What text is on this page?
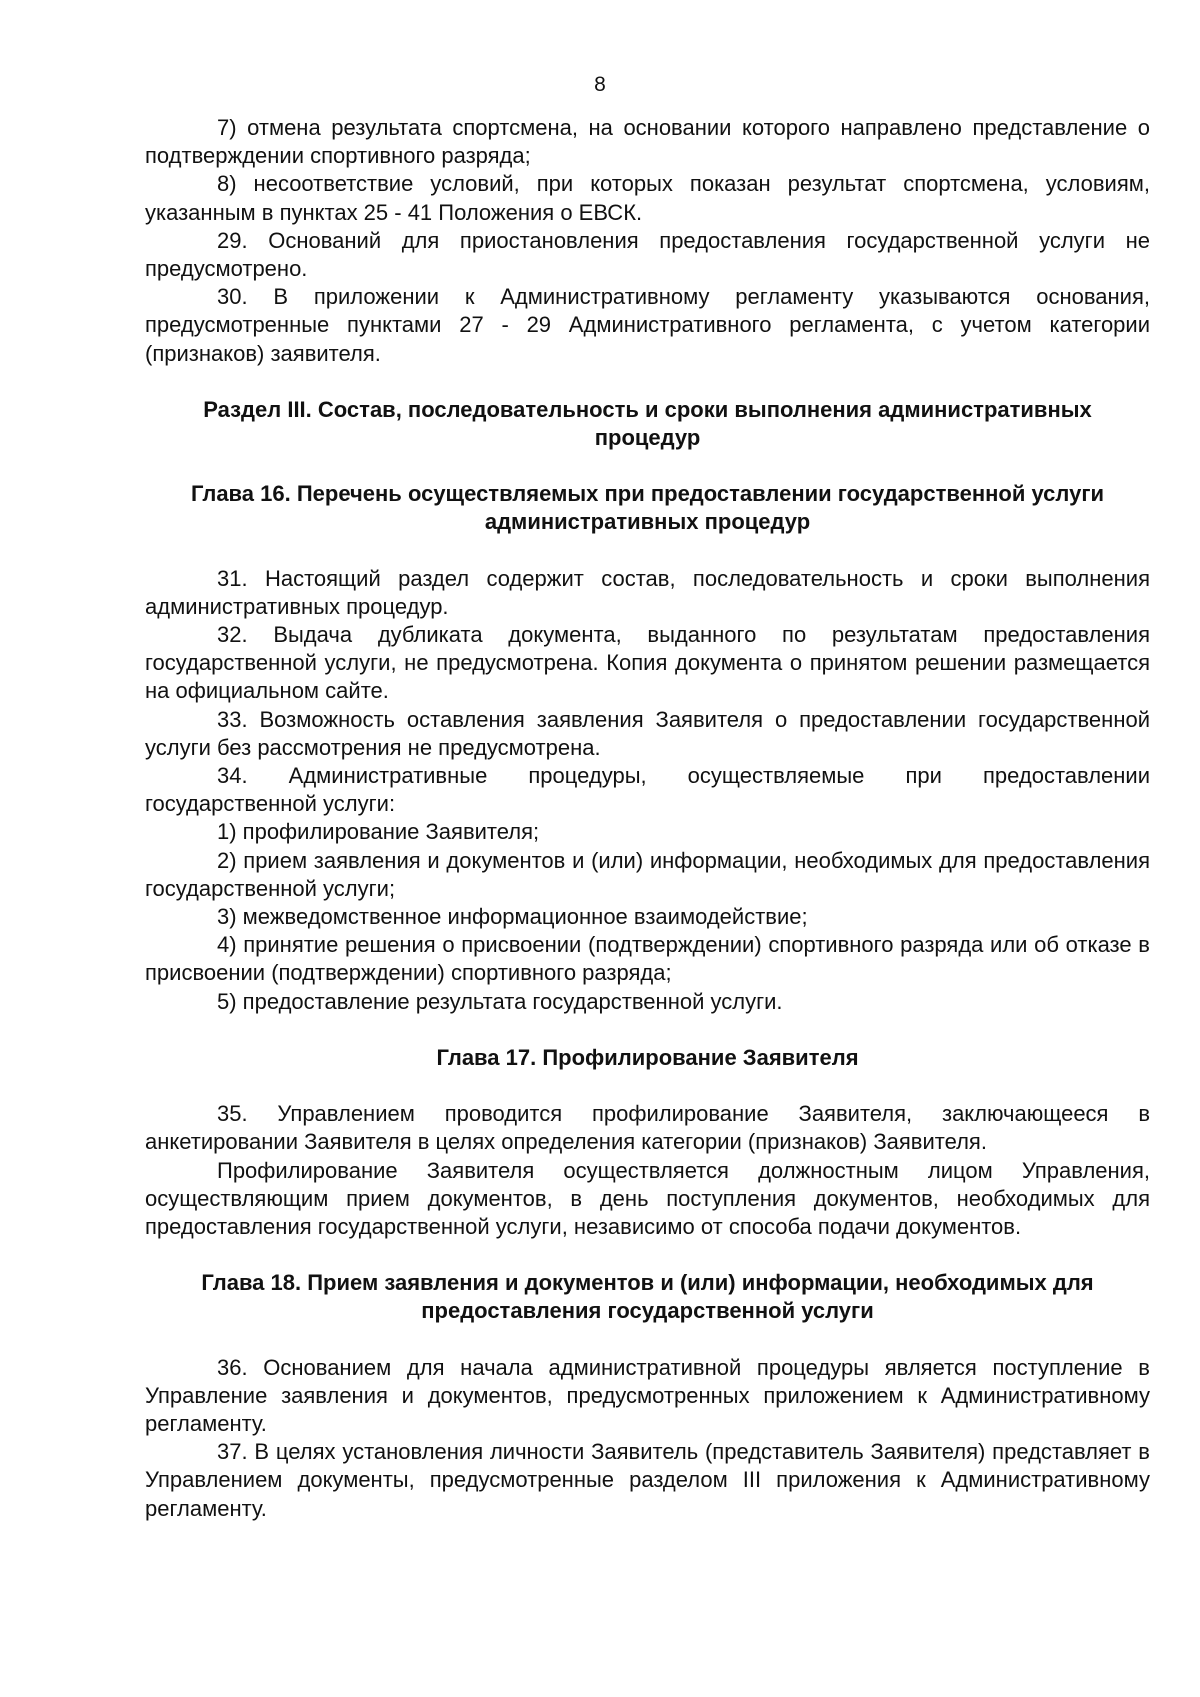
8

7) отмена результата спортсмена, на основании которого направлено представление о подтверждении спортивного разряда;

8) несоответствие условий, при которых показан результат спортсмена, условиям, указанным в пунктах 25 - 41 Положения о ЕВСК.

29. Оснований для приостановления предоставления государственной услуги не предусмотрено.

30. В приложении к Административному регламенту указываются основания, предусмотренные пунктами 27 - 29 Административного регламента, с учетом категории (признаков) заявителя.

Раздел III. Состав, последовательность и сроки выполнения административных процедур
Глава 16. Перечень осуществляемых при предоставлении государственной услуги административных процедур

31. Настоящий раздел содержит состав, последовательность и сроки выполнения административных процедур.

32. Выдача дубликата документа, выданного по результатам предоставления государственной услуги, не предусмотрена. Копия документа о принятом решении размещается на официальном сайте.

33. Возможность оставления заявления Заявителя о предоставлении государственной услуги без рассмотрения не предусмотрена.

34. Административные процедуры, осуществляемые при предоставлении государственной услуги:

1) профилирование Заявителя;

2) прием заявления и документов и (или) информации, необходимых для предоставления государственной услуги;

3) межведомственное информационное взаимодействие;

4) принятие решения о присвоении (подтверждении) спортивного разряда или об отказе в присвоении (подтверждении) спортивного разряда;

5) предоставление результата государственной услуги.

Глава 17. Профилирование Заявителя

35. Управлением проводится профилирование Заявителя, заключающееся в анкетировании Заявителя в целях определения категории (признаков) Заявителя.

Профилирование Заявителя осуществляется должностным лицом Управления, осуществляющим прием документов, в день поступления документов, необходимых для предоставления государственной услуги, независимо от способа подачи документов.

Глава 18. Прием заявления и документов и (или) информации, необходимых для предоставления государственной услуги

36. Основанием для начала административной процедуры является поступление в Управление заявления и документов, предусмотренных приложением к Административному регламенту.

37. В целях установления личности Заявитель (представитель Заявителя) представляет в Управлением документы, предусмотренные разделом III приложения к Административному регламенту.
